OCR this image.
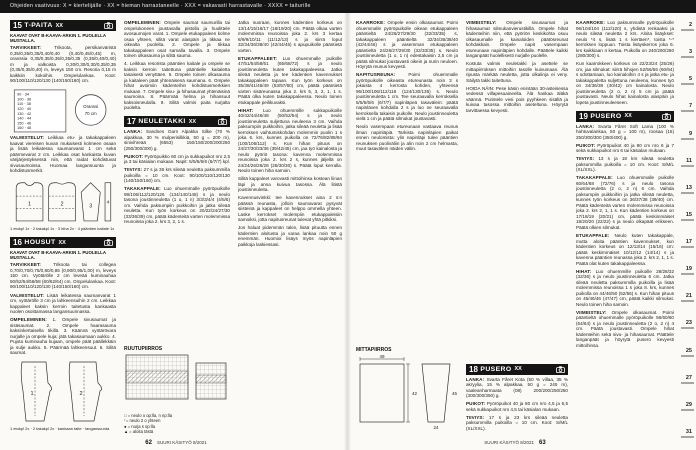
Ohjeiden vaativuus: X = kiertelijälle · XX = hieman harrastaneelle · XXX = vakavasti harrastavalle · XXXX = taiturille
15 T-PAITA XX
KAAVAT OVAT B-KAAVA-ARKIN 1. PUOLELLA MUSTALLA.

TARVIKKEET:	Trikoota, persikanväristä 0,35/0,35/0,35/0,40/0,40 (0,40/0,45/0,45) m, oranssia 0,35/0,35/0,35/0,35/0,35 (0,35/0,40/0,40) m ja valkoista 0,30/0,30/0,30/0,35/0,35 (0,35/0,35/0,40) m, leveys 150 cm. Resoria 0,15 m kaikkiin kokoihin. Ompelulankaa. Koot: 90/100/110/120/130 (140/150/160) cm.

90 · 34
100 · 36
110 · 38
120 · 40
130 · 42
140 · 44
150 · 46
160 · 48
Oranssi
70 cm

VALMISTELUT: Leikkaa etu- ja takakappaleen kaavat viereisen kuvan mukaisesti kolmeen osaan ja lisää leikatessa saumanvarat 1 cm sekä päärmevarat 2 cm. Leikkaa osat kankaista kuvan värijärjestyksessä niin, että raidat kohdistuvat sivusaumoissa. Huomaa langansuunta ja kohdistusmerkit.

1	2	3
4
1 etukpl 1x · 2 takakpl 1x · 3 hiha 2x · 4 pääntien kaitale 1x
16 HOUSUT XX
KAAVAT OVAT B-KAAVA-ARKIN 1. PUOLELLA MUSTALLA.

TARVIKKEET:	Trikoota tai collegea 0,70/0,70/0,75/0,80/0,85 (0,90/0,95/1,00) m, leveys 150 cm. Vyötärölle 2 cm leveää kuminauhaa 50/52/54/56/58 (60/62/64) cm. Ompelulankaa. Koot: 90/100/110/120/130 (140/150/160) cm.

VALMISTELUT: Lisää leikatessa saumanvarat 1 cm, vyötärölle 3 cm ja lahkeensuihin 2 cm. Leikkaa kappaleet kaksin kerroin taitetusta kankaasta nuolen osoittamassa langansuunnassa.

OMPELEMINEN: 1. Ompele sivusaumat ja sisäsaumat. 2. Ompele haarasauma kaksinkertaisella tikillä. 3. Käännä vyötärövara nurjalle ja ompele kuja; jätä takasaumaan aukko. 4. Pujota kuminauha kujaan, ompele päät päällekkäin ja sulje aukko. 5. Päärmää lahkeensuut. 6. Silitä saumat.

1	2
1 etukpl 2x · 2 takakpl 2x · kankaan taite · langansuunta

OMPELEMINEN: Ompele saumat saumurilla tai ompelukoneen joustavalla pistolla ja huolittele avosaumojen varat. 1. Ompele etukappaleen kolme osaa yhteen, silitä varat alaspäin ja tikkaa ne oikealta puolelta. 2. Ompele ja tikkaa takakappaleen osat samalla tavalla. 3. Ompele toinen olkasauma ja silitä sauma.

4. Leikkaa resorista pääntien kaitale ja ompele se kaksin kerroin taitettuna pääntielle kaitaletta tasaisesti venyttäen. 5. Ompele toinen olkasauma ja kaitaleen päät yhtenäisenä saumana. 6. Ompele hihat avoimiin kädenteihin kohdistusmerkkien mukaan. 7. Ompele sivu- ja hihasaumat yhtenäisinä saumoina. 8. Päärmää helma ja hihansuut kaksoisneulalla. 9. Silitä valmis paita nurjalta puolelta.

17 NEULETAKKI XX

LANKA: Sandnes Garn Alpakka Silke (70 % alpakkaa, 30 % mulperisilkkiä, 50 g = 200 m), sinivihreää (6553) 150/150/200/200/250 (250/300/300) g.

PUIKOT: Pyöröpuikko 60 cm ja sukkapuikot nro 2,5 ja 3 tai käsialan mukaan. Napit: 5/5/5/6/6 (6/7/7) kpl.

TIIVIYS: 27 s ja 36 krs sileää neuletta paksummilla puikoilla = 10 cm. Koot: 90/100/110/120/130 (140/150/160) cm.

TAKAKAPPALE: Luo ohuemmalle pyöröpuikolle 98/106/112/120/126 (134/140/148) s ja neulo tasona joustinneuletta (1 o, 1 n) 3/3/3/4/4 (4/5/5) cm. Vaihda paksumpiin puikkoihin ja jatka sileää neuletta. Kun työn korkeus on 20/22/24/27/30 (33/36/39) cm, päätä kädenteitä varten molemmissa reunoissa joka 2. krs 3, 2, 1 s.

RUUTUPIIRROS
□ = neulo o op:lla, n np:lla
∕ = neulo 2 o yhteen
● = nurja s op:lla
▲ = aloita tästä

Jatka suoraan, kunnes kädentien korkeus on 13/14/15/16/17 (18/19/20) cm. Päätä olkaa varten molemmissa reunoissa joka 2. krs 3 kertaa 8/9/9/10/11 (11/12/13) s ja siirrä loput 32/34/36/38/40 (42/44/46) s apupuikolle pääntietä varten.

ETUKAPPALEET: Luo ohuemmalle puikolle 47/51/54/58/61 (65/68/72) s ja neulo joustinneuletta kuten takakappaleessa. Jatka sileää neuletta ja tee kädentien kavennukset takakappaleen tapaan. Kun työn korkeus on 35/38/41/45/49 (53/57/60) cm, päätä pääntietä varten sisäreunassa joka 2. krs 5, 3, 2, 1, 1 s. Päätä olka kuten takakappaleessa. Neulo toinen etukappale peilikuvaksi.

HIHAT: Luo ohuemmille sukkapuikoille 40/42/44/46/48 (50/52/54) s ja neulo joustinneuletta suljettuna neuleena 3 cm. Vaihda paksumpiin puikkoihin, jatka sileää neuletta ja lisää kerroksen vaihtumiskohdan molemmin puolin 1 s joka 6. krs, kunnes puikolla on 72/76/82/88/94 (100/106/112) s. Kun hihan pituus on 24/27/30/33/36 (39/42/45) cm, jaa työ kainalosta ja neulo pyöriö tasona: kavenna molemmissa reunoissa joka 2. krs 2 s, kunnes jäljellä on 24/24/26/26/28 (28/30/30) s. Päätä loput kerralla. Neulo toinen hiha samoin.

Silitä kappaleet varovasti mittoihinsa kostean liinan läpi ja anna kuivua tasossa. Älä litistä joustinneuleita.

Kavennusvinkki: tee kavennukset aina 2 s:n päässä reunasta, jolloin saumavarat pysyvät siisteinä ja kappaleet on helppo ommella yhteen. Laske kerrokset molempiin etukappaleisiin samoiksi, jotta napitusreunat tulevat yhtä pitkiksi.

Jos haluat pidemmän takin, lisää pituutta ennen kädentien aloitusta ja varaa lankaa noin 50 g enemmän. Huomioi lisäys myös napinläpien paikkoja laskiessasi.

KAARROKE: Ompele ensin olkasaumat. Poimi ohuemmalle pyöröpuikolle oikean etukappaleen pääntieltä 24/26/27/29/30 (32/33/35) s, takakappaleen pääntieltä 32/34/36/38/40 (42/44/46) s ja vasemman etukappaleen pääntieltä 24/26/27/29/30 (32/33/35) s. Neulo joustinneuletta (1 o, 1 n) edestakaisin 2,5 cm ja päätä silmukat joustavasti oikein ja nurin neuloen. Höyrytä reunus kevyesti.

NAPITUSREUNA:	Poimi ohuemmalle pyöröpuikolle oikeasta etureunasta noin 3 s jokaista 4 kerrosta kohden, yhteensä 96/100/106/112/118 (124/130/136) s. Neulo joustinneuletta 1 cm. Tee seuraavalla kerroksella 5/5/5/6/6 (6/7/7) napinläpeä tasavälein: päätä napinläven kohdalla 2 s ja luo ne seuraavalla kerroksella takaisin puikolle. Neulo joustinneuletta vielä 1 cm ja päätä silmukat joustavasti.

Neulo vasempaan etureunaan vastaava reunus ilman napinläpiä. Tarkista napinläpien paikat ennen neulomista: ylin napinläpi tulee pääntien reunuksen puoliväliin ja alin noin 2 cm helmasta, muut tasavälein näiden väliin.

MITTAPIIRROS
49
42	45
24

VIIMEISTELY: Ompele sivusaumat ja hihasaumat silmukanvierustikillä. Ompele hihat kädenteihin niin, että pyöriön keskikohta osuu olkasaumalle ja kainaloiden päätösreunat kohdakkain. Ompele napit vasempaan etureunaan napinläpien kohdalle. Päättele kaikki langanpäät huolellisesti nurjalle puolelle.

Kostuta valmis neuletakki ja asettele se mittapiirroksen mittoihin tasolle kuivumaan. Älä ripusta märkää neuletta, jotta olkalinja ei veny. Säilytä takki taitettuna.

HOIDA NÄIN: Pese käsin enintään 30-asteisessa vedessä villapesuaineella. Älä hankaa äläkä väännä. Puristele vesi pois pyyhkeen sisällä ja kuivaa tasossa mittoihin aseteltuna. Höyrytä tarvittaessa kevyesti.

18 PUSERO XX

LANKA: Svarta Fåret Kota (50 % villaa, 35 % akryylia, 15 % alpakkaa, 50 g = 245 m), vaaleanharmaata (08) 200/200/250/250 (300/300/350) g.

PUIKOT: Pyöröpuikot 40 ja 80 cm nro 4,5 ja 5,5 sekä sukkapuikot nro 4,5 tai käsialan mukaan.

TIIVIYS: 17 s ja 23 krs sileää neuletta paksummilla puikoilla = 10 cm. Koot: S/M/L (XL/XXL).

KAARROKE: Luo paksummalle pyöröpuikolle 96/104/104 (112/120) s, yhdistä renkaaksi ja neulo sileää neuletta 2 krs. Aloita lisäykset: neulo *4 s, lisää 1 s kiertäen*, toista *-* kerroksen loppuun. Toista lisäyskerros joka 6. krs kaikkiaan 4 kertaa. Puikolla on 240/260/260 (280/300) s.

Kun kaarrokkeen korkeus on 22/23/24 (25/26) cm, jaa silmukat: siirrä hihojen 52/56/56 (60/64) s odottamaan, luo kainaloihin 4 s ja jatka etu- ja takakappaletta suljettuna neuleena, kunnes työ on 34/36/38 (40/42) cm kainalosta. Neulo joustinneuletta (2 o, 2 n) 5 cm ja päätä joustavasti. Neulo hihat kainalosta alaspäin ja lopeta joustinneuleeseen.

19 PUSERO XX

LANKA: Svarta Fåret Soft Lama (100 % hahtuvalankaa, 50 g = 100 m), roosaa (15) 250/300/300 (350/400) g.

PUIKOT: Pyöröpuikot 40 ja 80 cm nro 6 ja 7 sekä sukkapuikot nro 6 tai käsialan mukaan.

TIIVIYS: 13 s ja 18 krs sileää neuletta paksummilla puikoilla = 10 cm. Koot: S/M/L (XL/XXL).

TAKAKAPPALE: Luo ohuemmalle puikolle 60/64/68 (72/76) s ja neulo tasona joustinneuletta (2 o, 2 n) 6 cm. Vaihda paksumpiin puikkoihin ja jatka sileää neuletta, kunnes työn korkeus on 36/37/38 (39/40) cm. Päätä kädenteitä varten molemmissa reunoissa joka 2. krs 2, 1, 1 s. Kun kädentien korkeus on 17/18/19 (20/21) cm, päätä keskimmäiset 18/20/20 (22/22) s ja neulo olkapäät erikseen. Päätä olkien silmukat.

ETUKAPPALE: Neulo kuten takakappale, mutta aloita pääntien kavennukset, kun kädentien korkeus on 12/13/14 (15/16) cm: päätä keskimmäiset 10/12/12 (14/14) s ja kavenna pääntien reunassa joka 2. krs 2, 1, 1 s. Päätä olat kuten takakappaleessa.

HIHAT: Luo ohuemmille puikoille 28/28/32 (32/36) s ja neulo joustinneuletta 6 cm. Jatka sileää neuletta paksummilla puikoilla ja lisää molemmissa reunoissa 1 s joka 8. krs, kunnes puikolla on 44/46/50 (52/56) s. Kun hihan pituus on 45/46/46 (47/47) cm, päätä kaikki silmukat. Neulo toinen hiha samoin.

VIIMEISTELY: Ompele olkasaumat. Poimi pääntieltä ohuemmalle pyöröpuikolle 56/60/60 (64/64) s ja neulo joustinneuletta (2 o, 2 n) 4 cm. Päätä joustavasti. Ompele hihat kädenteihin sekä sivu- ja hihasaumat. Päättele langanpäät ja höyrytä pusero kevyesti mittoihinsa.

2
3
5
7
9
11
13
15
17
19
21
23
25
27
29
31
62 SUURI KÄSITYÖ 8/2021	SUURI KÄSITYÖ 8/2021 63
